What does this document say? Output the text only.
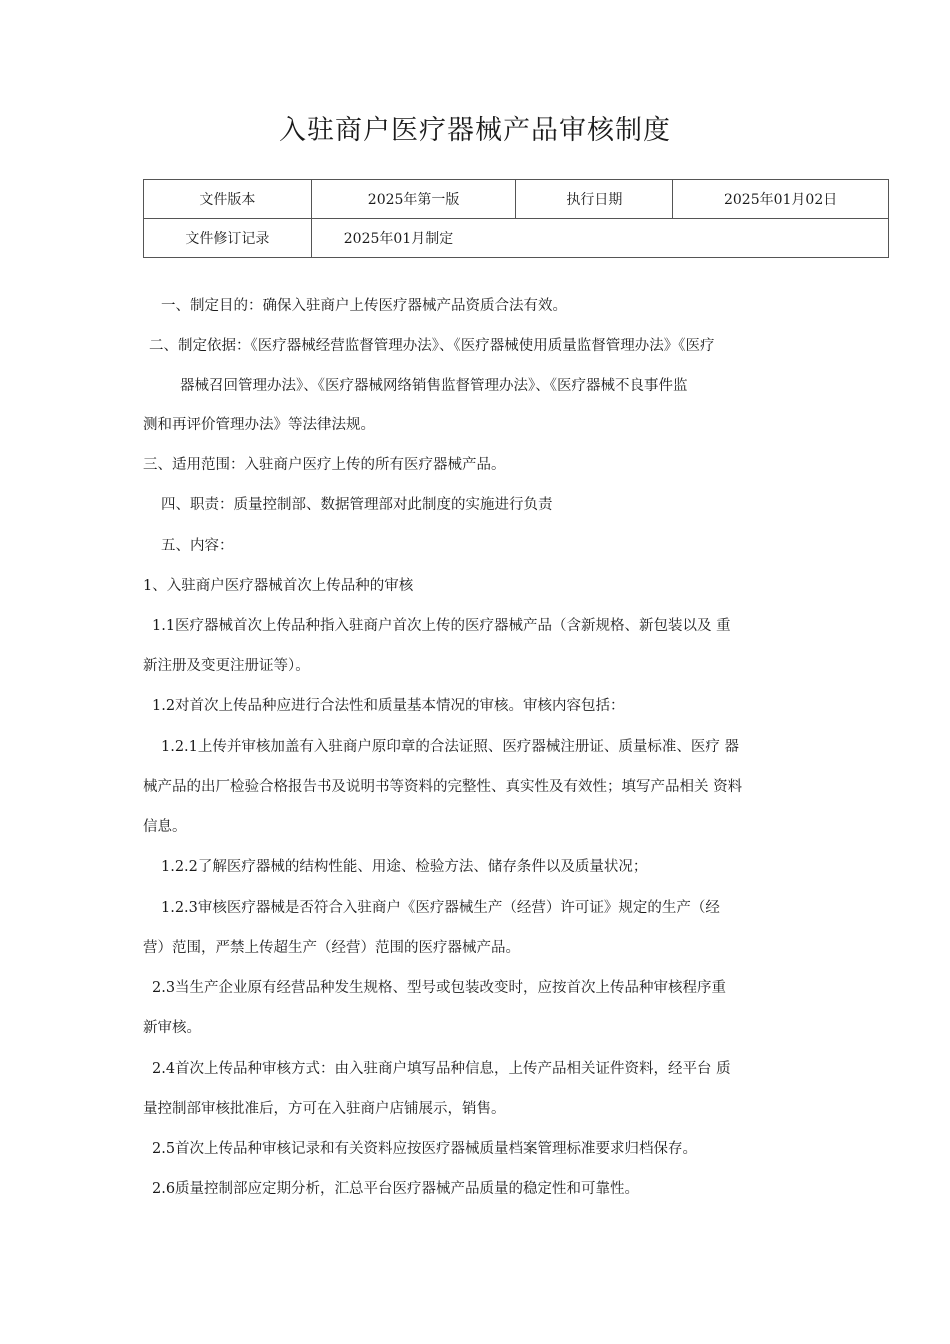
入驻商户医疗器械产品审核制度
文件版本	2025年第一版	执行日期	2025年01月02日
文件修订记录	2025年01月制定		
一、制定目的：确保入驻商户上传医疗器械产品资质合法有效。
二、制定依据：《医疗器械经营监督管理办法》、《医疗器械使用质量监督管理办法》《医疗
器械召回管理办法》、《医疗器械网络销售监督管理办法》、《医疗器械不良事件监
测和再评价管理办法》等法律法规。
三、适用范围：入驻商户医疗上传的所有医疗器械产品。
四、职责：质量控制部、数据管理部对此制度的实施进行负责
五、内容：
1、入驻商户医疗器械首次上传品种的审核
1.1医疗器械首次上传品种指入驻商户首次上传的医疗器械产品（含新规格、新包装以及 重
新注册及变更注册证等）。
1.2对首次上传品种应进行合法性和质量基本情况的审核。审核内容包括：
1.2.1上传并审核加盖有入驻商户原印章的合法证照、医疗器械注册证、质量标准、医疗 器
械产品的出厂检验合格报告书及说明书等资料的完整性、真实性及有效性；填写产品相关 资料
信息。
1.2.2了解医疗器械的结构性能、用途、检验方法、储存条件以及质量状况；
1.2.3审核医疗器械是否符合入驻商户《医疗器械生产（经营）许可证》规定的生产（经
营）范围，严禁上传超生产（经营）范围的医疗器械产品。
2.3当生产企业原有经营品种发生规格、型号或包装改变时，应按首次上传品种审核程序重
新审核。
2.4首次上传品种审核方式：由入驻商户填写品种信息，上传产品相关证件资料，经平台 质
量控制部审核批准后，方可在入驻商户店铺展示，销售。
2.5首次上传品种审核记录和有关资料应按医疗器械质量档案管理标准要求归档保存。
2.6质量控制部应定期分析，汇总平台医疗器械产品质量的稳定性和可靠性。
